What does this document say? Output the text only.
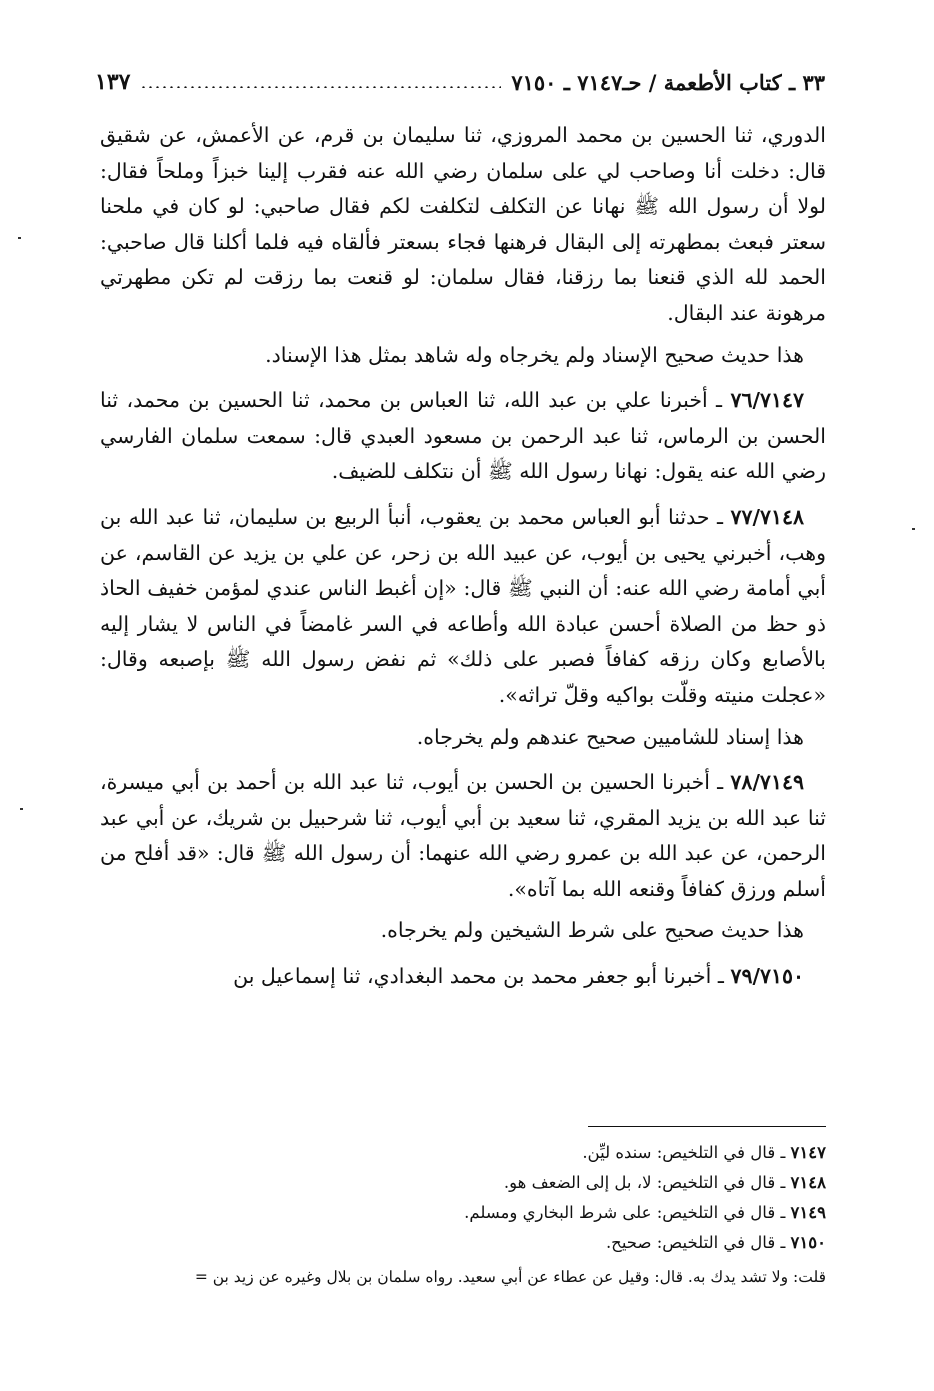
٣٣ ـ كتاب الأطعمة / حـ٧١٤٧ ـ ٧١٥٠
١٣٧

الدوري، ثنا الحسين بن محمد المروزي، ثنا سليمان بن قرم، عن الأعمش، عن شقيق قال: دخلت أنا وصاحب لي على سلمان رضي الله عنه فقرب إلينا خبزاً وملحاً فقال: لولا أن رسول الله ﷺ نهانا عن التكلف لتكلفت لكم فقال صاحبي: لو كان في ملحنا سعتر فبعث بمطهرته إلى البقال فرهنها فجاء بسعتر فألقاه فيه فلما أكلنا قال صاحبي: الحمد لله الذي قنعنا بما رزقنا، فقال سلمان: لو قنعت بما رزقت لم تكن مطهرتي مرهونة عند البقال.

هذا حديث صحيح الإسناد ولم يخرجاه وله شاهد بمثل هذا الإسناد.

٧٦/٧١٤٧ ـ أخبرنا علي بن عبد الله، ثنا العباس بن محمد، ثنا الحسين بن محمد، ثنا الحسن بن الرماس، ثنا عبد الرحمن بن مسعود العبدي قال: سمعت سلمان الفارسي رضي الله عنه يقول: نهانا رسول الله ﷺ أن نتكلف للضيف.

٧٧/٧١٤٨ ـ حدثنا أبو العباس محمد بن يعقوب، أنبأ الربيع بن سليمان، ثنا عبد الله بن وهب، أخبرني يحيى بن أيوب، عن عبيد الله بن زحر، عن علي بن يزيد عن القاسم، عن أبي أمامة رضي الله عنه: أن النبي ﷺ قال: «إن أغبط الناس عندي لمؤمن خفيف الحاذ ذو حظ من الصلاة أحسن عبادة الله وأطاعه في السر غامضاً في الناس لا يشار إليه بالأصابع وكان رزقه كفافاً فصبر على ذلك» ثم نفض رسول الله ﷺ بإصبعه وقال: «عجلت منيته وقلّت بواكيه وقلّ تراثه».

هذا إسناد للشاميين صحيح عندهم ولم يخرجاه.

٧٨/٧١٤٩ ـ أخبرنا الحسين بن الحسن بن أيوب، ثنا عبد الله بن أحمد بن أبي ميسرة، ثنا عبد الله بن يزيد المقري، ثنا سعيد بن أبي أيوب، ثنا شرحبيل بن شريك، عن أبي عبد الرحمن، عن عبد الله بن عمرو رضي الله عنهما: أن رسول الله ﷺ قال: «قد أفلح من أسلم ورزق كفافاً وقنعه الله بما آتاه».

هذا حديث صحيح على شرط الشيخين ولم يخرجاه.

٧٩/٧١٥٠ ـ أخبرنا أبو جعفر محمد بن محمد البغدادي، ثنا إسماعيل بن

٧١٤٧ ـ قال في التلخيص: سنده ليِّن.

٧١٤٨ ـ قال في التلخيص: لا، بل إلى الضعف هو.

٧١٤٩ ـ قال في التلخيص: على شرط البخاري ومسلم.

٧١٥٠ ـ قال في التلخيص: صحيح.

قلت: ولا تشد يدك به. قال: وقيل عن عطاء عن أبي سعيد. رواه سلمان بن بلال وغيره عن زيد بن =
